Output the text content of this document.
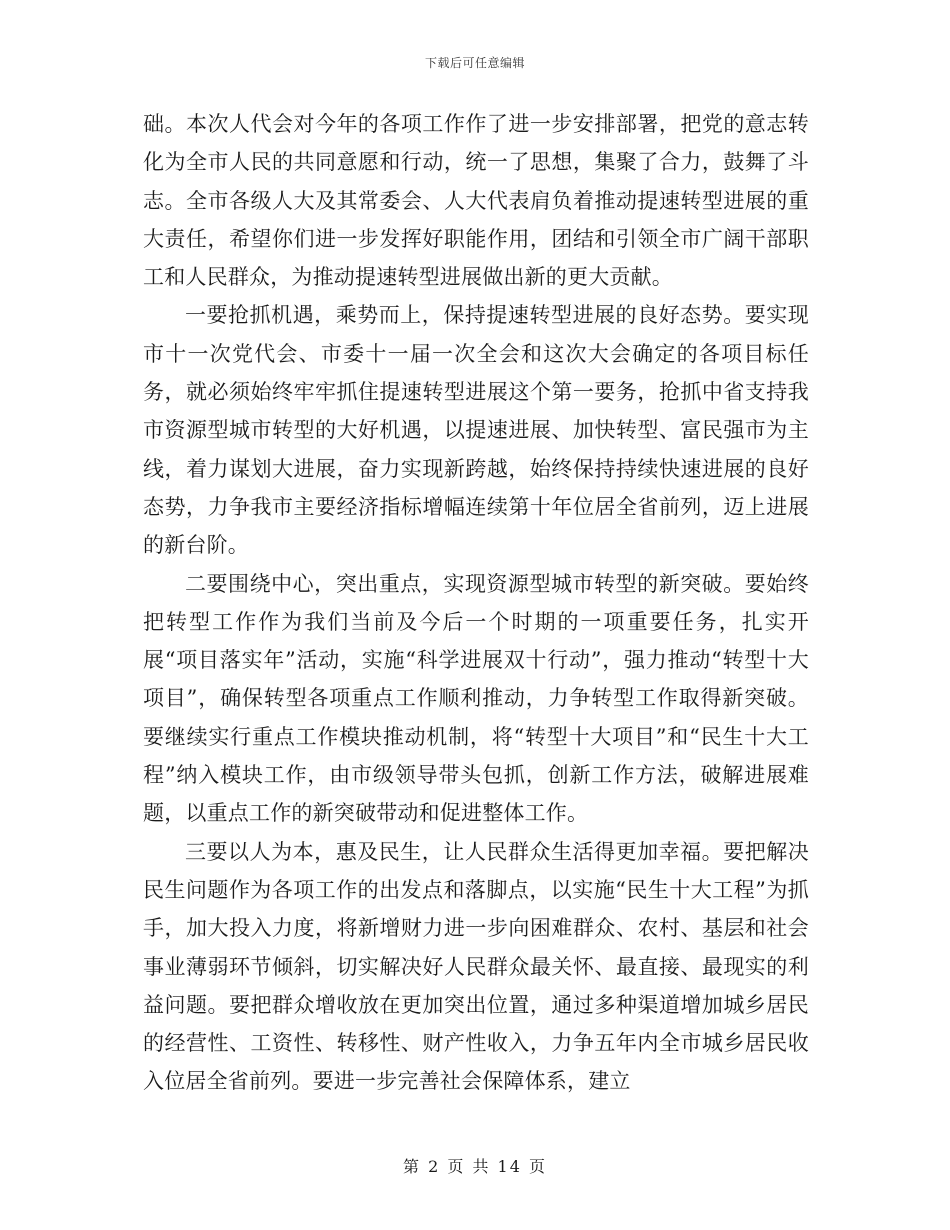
下载后可任意编辑

础。本次人代会对今年的各项工作作了进一步安排部署，把党的意志转化为全市人民的共同意愿和行动，统一了思想，集聚了合力，鼓舞了斗志。全市各级人大及其常委会、人大代表肩负着推动提速转型进展的重大责任，希望你们进一步发挥好职能作用，团结和引领全市广阔干部职工和人民群众，为推动提速转型进展做出新的更大贡献。

一要抢抓机遇，乘势而上，保持提速转型进展的良好态势。要实现市十一次党代会、市委十一届一次全会和这次大会确定的各项目标任务，就必须始终牢牢抓住提速转型进展这个第一要务，抢抓中省支持我市资源型城市转型的大好机遇，以提速进展、加快转型、富民强市为主线，着力谋划大进展，奋力实现新跨越，始终保持持续快速进展的良好态势，力争我市主要经济指标增幅连续第十年位居全省前列，迈上进展的新台阶。

二要围绕中心，突出重点，实现资源型城市转型的新突破。要始终把转型工作作为我们当前及今后一个时期的一项重要任务，扎实开展“项目落实年”活动，实施“科学进展双十行动”，强力推动“转型十大项目”，确保转型各项重点工作顺利推动，力争转型工作取得新突破。要继续实行重点工作模块推动机制，将“转型十大项目”和“民生十大工程”纳入模块工作，由市级领导带头包抓，创新工作方法，破解进展难题，以重点工作的新突破带动和促进整体工作。

三要以人为本，惠及民生，让人民群众生活得更加幸福。要把解决民生问题作为各项工作的出发点和落脚点，以实施“民生十大工程”为抓手，加大投入力度，将新增财力进一步向困难群众、农村、基层和社会事业薄弱环节倾斜，切实解决好人民群众最关怀、最直接、最现实的利益问题。要把群众增收放在更加突出位置，通过多种渠道增加城乡居民的经营性、工资性、转移性、财产性收入，力争五年内全市城乡居民收入位居全省前列。要进一步完善社会保障体系，建立

第 2 页 共 14 页
